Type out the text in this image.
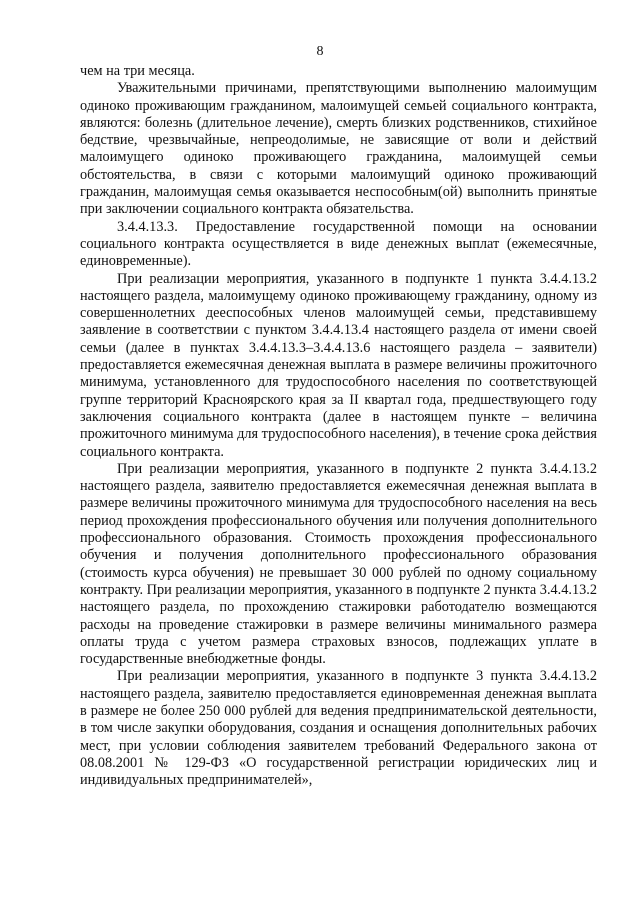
8

чем на три месяца.

Уважительными причинами, препятствующими выполнению малоимущим одиноко проживающим гражданином, малоимущей семьей социального контракта, являются: болезнь (длительное лечение), смерть близких родственников, стихийное бедствие, чрезвычайные, непреодолимые, не зависящие от воли и действий малоимущего одиноко проживающего гражданина, малоимущей семьи обстоятельства, в связи с которыми малоимущий одиноко проживающий гражданин, малоимущая семья оказывается неспособным(ой) выполнить принятые при заключении социального контракта обязательства.

3.4.4.13.3. Предоставление государственной помощи на основании социального контракта осуществляется в виде денежных выплат (ежемесячные, единовременные).

При реализации мероприятия, указанного в подпункте 1 пункта 3.4.4.13.2 настоящего раздела, малоимущему одиноко проживающему гражданину, одному из совершеннолетних дееспособных членов малоимущей семьи, представившему заявление в соответствии с пунктом 3.4.4.13.4 настоящего раздела от имени своей семьи (далее в пунктах 3.4.4.13.3–3.4.4.13.6 настоящего раздела – заявители) предоставляется ежемесячная денежная выплата в размере величины прожиточного минимума, установленного для трудоспособного населения по соответствующей группе территорий Красноярского края за II квартал года, предшествующего году заключения социального контракта (далее в настоящем пункте – величина прожиточного минимума для трудоспособного населения), в течение срока действия социального контракта.

При реализации мероприятия, указанного в подпункте 2 пункта 3.4.4.13.2 настоящего раздела, заявителю предоставляется ежемесячная денежная выплата в размере величины прожиточного минимума для трудоспособного населения на весь период прохождения профессионального обучения или получения дополнительного профессионального образования. Стоимость прохождения профессионального обучения и получения дополнительного профессионального образования (стоимость курса обучения) не превышает 30 000 рублей по одному социальному контракту. При реализации мероприятия, указанного в подпункте 2 пункта 3.4.4.13.2 настоящего раздела, по прохождению стажировки работодателю возмещаются расходы на проведение стажировки в размере величины минимального размера оплаты труда с учетом размера страховых взносов, подлежащих уплате в государственные внебюджетные фонды.

При реализации мероприятия, указанного в подпункте 3 пункта 3.4.4.13.2 настоящего раздела, заявителю предоставляется единовременная денежная выплата в размере не более 250 000 рублей для ведения предпринимательской деятельности, в том числе закупки оборудования, создания и оснащения дополнительных рабочих мест, при условии соблюдения заявителем требований Федерального закона от 08.08.2001 № 129-ФЗ «О государственной регистрации юридических лиц и индивидуальных предпринимателей»,
